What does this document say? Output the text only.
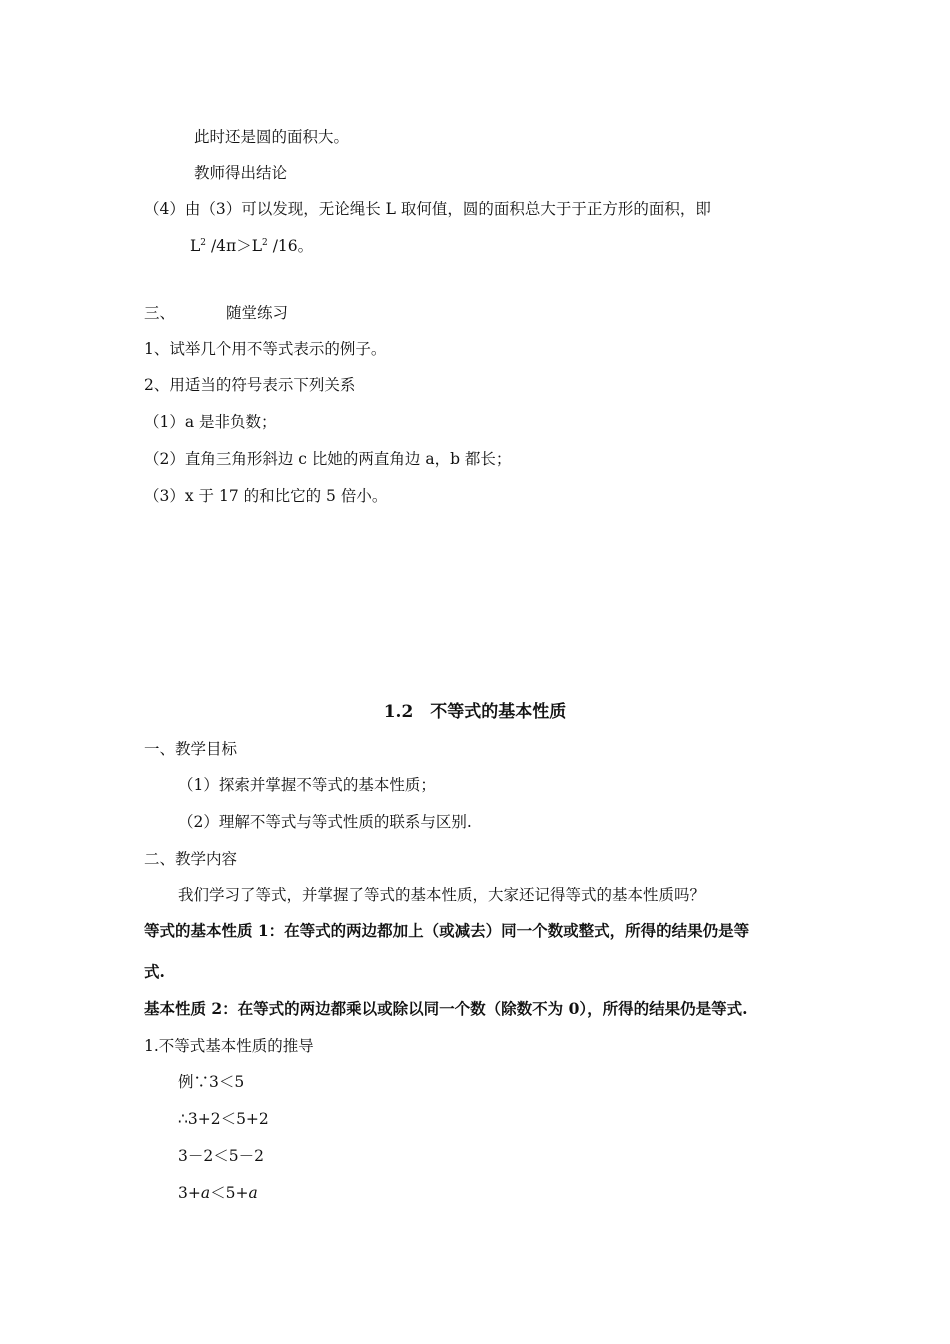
此时还是圆的面积大。
教师得出结论
（4）由（3）可以发现，无论绳长 L 取何值，圆的面积总大于于正方形的面积，即
$L^2$ $/4\pi>L^2$ /16。
三、	随堂练习
1、试举几个用不等式表示的例子。
2、用适当的符号表示下列关系
（1）a 是非负数；
（2）直角三角形斜边 c 比她的两直角边 a，b 都长；
（3）x 于 17 的和比它的 5 倍小。
1.2　不等式的基本性质
一、教学目标
（1）探索并掌握不等式的基本性质；
（2）理解不等式与等式性质的联系与区别.
二、教学内容
我们学习了等式，并掌握了等式的基本性质，大家还记得等式的基本性质吗？
等式的基本性质 1：在等式的两边都加上（或减去）同一个数或整式，所得的结果仍是等
式.
基本性质 2：在等式的两边都乘以或除以同一个数（除数不为 0），所得的结果仍是等式.
1.不等式基本性质的推导
例∵3＜5
∴3+2＜5+2
3－2＜5－2
3+a＜5+a
